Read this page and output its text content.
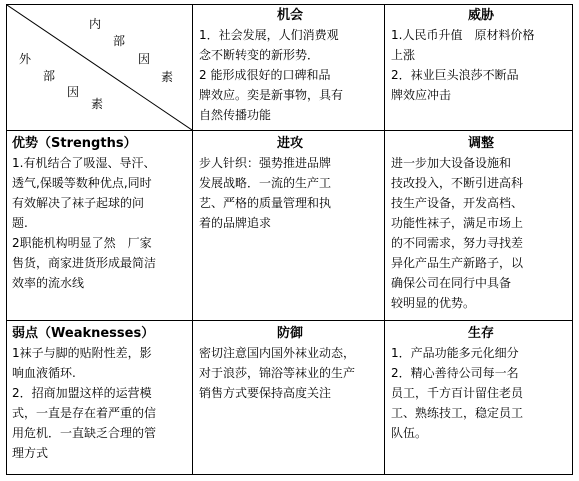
内
部
因
素
外
部
因
素
机会
1．社会发展，人们消费观
念不断转变的新形势．
2 能形成很好的口碑和品
牌效应。奕是新事物，具有
自然传播功能
威胁
1.人民币升值　原材料价格
上涨
2．袜业巨头浪莎不断品
牌效应冲击
优势（Strengths）
1.有机结合了吸湿、导汗、
透气,保暖等数种优点,同时
有效解决了袜子起球的问
题.
2职能机构明显了然　厂家
售货，商家进货形成最简洁
效率的流水线
进攻
步人针织：强势推进品牌
发展战略．一流的生产工
艺、严格的质量管理和执
着的品牌追求
调整
进一步加大设备设施和
技改投入，不断引进高科
技生产设备，开发高档、
功能性袜子，满足市场上
的不同需求，努力寻找差
异化产品生产新路子，以
确保公司在同行中具备
较明显的优势。
弱点（Weaknesses）
1袜子与脚的贴附性差，影
响血液循环.
2．招商加盟这样的运营模
式，一直是存在着严重的信
用危机．一直缺乏合理的管
理方式
防御
密切注意国内国外袜业动态，
对于浪莎，锦浴等袜业的生产
销售方式要保持高度关注
生存
1．产品功能多元化细分
2．精心善待公司每一名
员工，千方百计留住老员
工、熟练技工，稳定员工
队伍。
